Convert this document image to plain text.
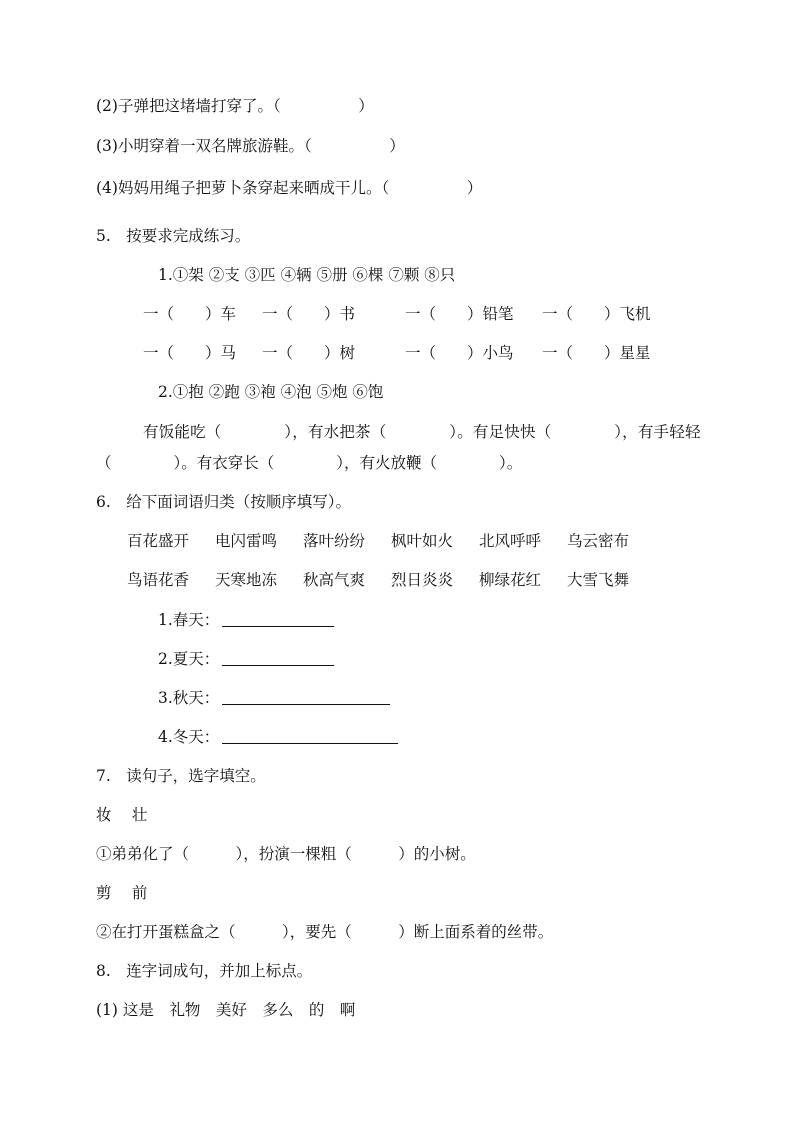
(2)子弹把这堵墙打穿了。（　　　　　）
(3)小明穿着一双名牌旅游鞋。（　　　　　）
(4)妈妈用绳子把萝卜条穿起来晒成干儿。（　　　　　）
5.　按要求完成练习。
1.①架 ②支 ③匹 ④辆 ⑤册 ⑥棵 ⑦颗 ⑧只
一（　　）车 一（　　）书	一（　　）铅笔 一（　　）飞机
一（　　）马 一（　　）树	一（　　）小鸟 一（　　）星星
2.①抱 ②跑 ③袍 ④泡 ⑤炮 ⑥饱
有饭能吃（　　　　），有水把茶（　　　　）。有足快快（　　　　），有手轻轻
（　　　　）。有衣穿长（　　　　），有火放鞭（　　　　）。
6.　给下面词语归类（按顺序填写）。
百花盛开 电闪雷鸣 落叶纷纷 枫叶如火 北风呼呼 乌云密布
鸟语花香 天寒地冻 秋高气爽 烈日炎炎 柳绿花红 大雪飞舞
1.春天：
2.夏天：
3.秋天：
4.冬天：
7.　读句子，选字填空。
妆　 壮
①弟弟化了（　　　），扮演一棵粗（　　　）的小树。
剪　 前
②在打开蛋糕盒之（　　　），要先（　　　）断上面系着的丝带。
8.　连字词成句，并加上标点。
(1) 这是　礼物　美好　多么　的　啊
